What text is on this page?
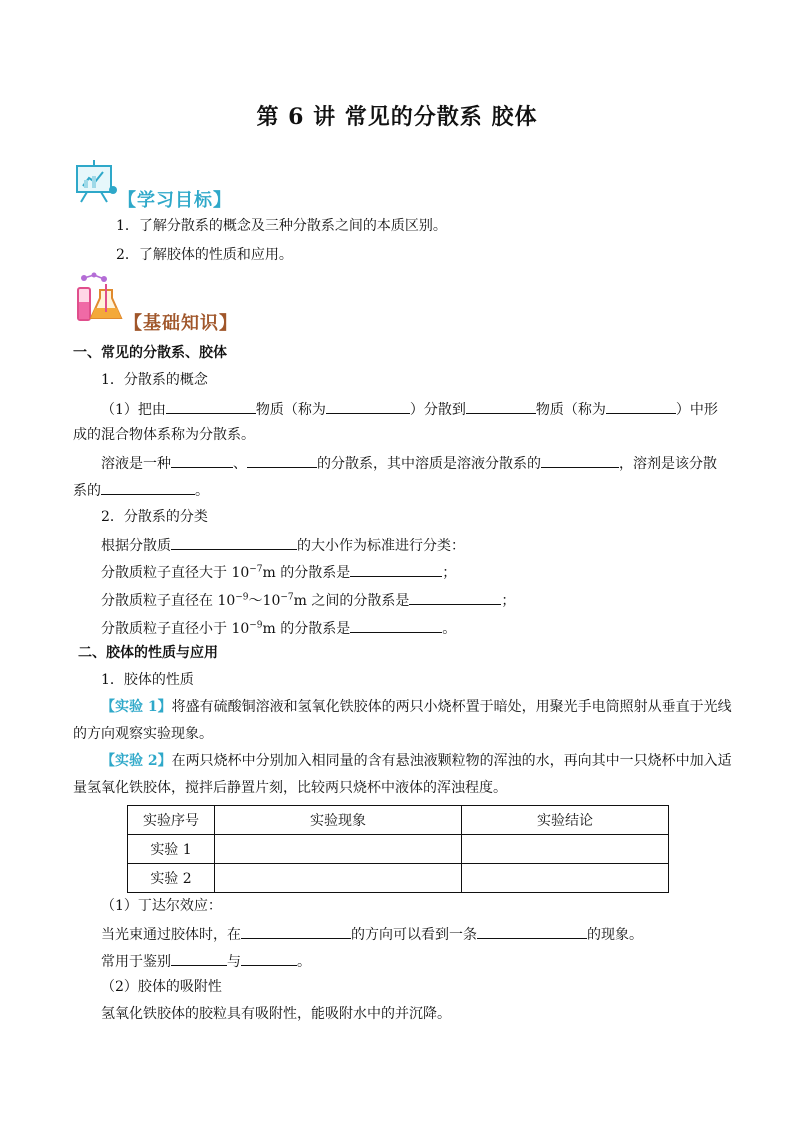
第 6 讲 常见的分散系 胶体
【学习目标】
1．了解分散系的概念及三种分散系之间的本质区别。
2．了解胶体的性质和应用。
【基础知识】
一、常见的分散系、胶体
1．分散系的概念
（1）把由	物质（称为	）分散到	物质（称为	）中形
成的混合物体系称为分散系。
溶液是一种	、	的分散系，其中溶质是溶液分散系的	，溶剂是该分散
系的	。
2．分散系的分类
根据分散质	的大小作为标准进行分类：
分散质粒子直径大于 $10^{-7}m$ 的分散系是	；
分散质粒子直径在 $10^{-9}\sim 10^{-7}m$ 之间的分散系是	；
分散质粒子直径小于 $10^{-9}m$ 的分散系是	。
二、胶体的性质与应用
1．胶体的性质
【实验 1】将盛有硫酸铜溶液和氢氧化铁胶体的两只小烧杯置于暗处，用聚光手电筒照射从垂直于光线
的方向观察实验现象。
【实验 2】在两只烧杯中分别加入相同量的含有悬浊液颗粒物的浑浊的水，再向其中一只烧杯中加入适
量氢氧化铁胶体，搅拌后静置片刻，比较两只烧杯中液体的浑浊程度。
实验序号	实验现象	实验结论
实验 1		
实验 2		
（1）丁达尔效应：
当光束通过胶体时，在	的方向可以看到一条	的现象。
常用于鉴别	与	。
（2）胶体的吸附性
氢氧化铁胶体的胶粒具有吸附性，能吸附水中的并沉降。
